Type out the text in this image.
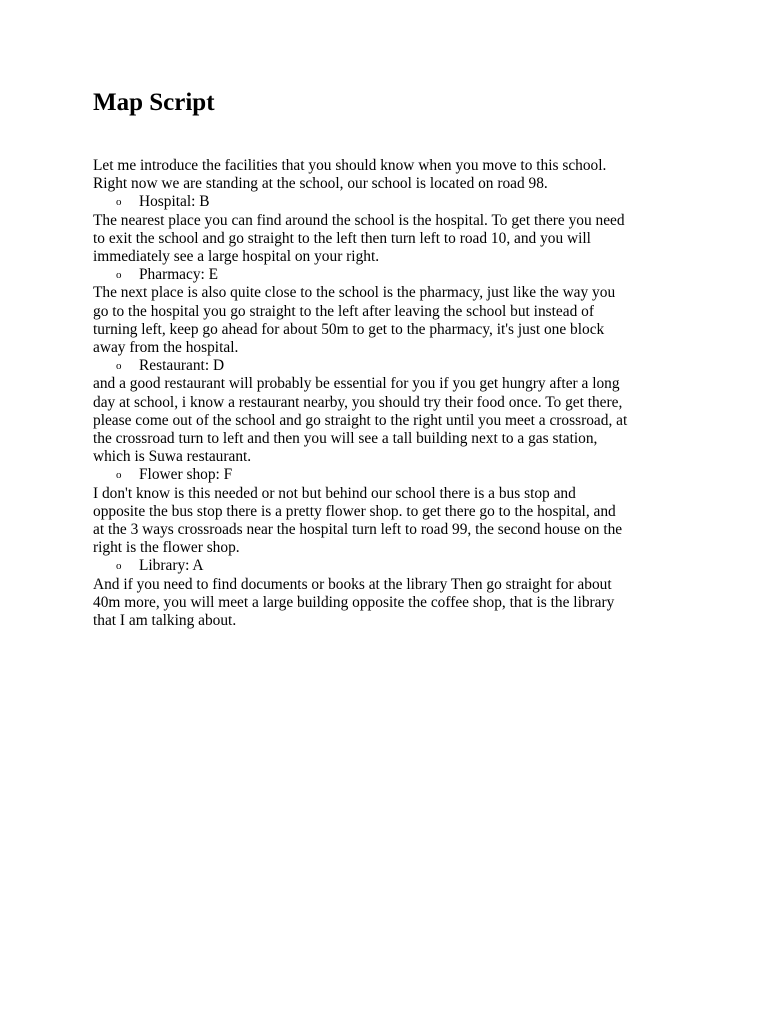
Map Script

Let me introduce the facilities that you should know when you move to this school.
Right now we are standing at the school, our school is located on road 98.

o Hospital: B

The nearest place you can find around the school is the hospital. To get there you need
to exit the school and go straight to the left then turn left to road 10, and you will
immediately see a large hospital on your right.

o Pharmacy: E

The next place is also quite close to the school is the pharmacy, just like the way you
go to the hospital you go straight to the left after leaving the school but instead of
turning left, keep go ahead for about 50m to get to the pharmacy, it's just one block
away from the hospital.

o Restaurant: D

and a good restaurant will probably be essential for you if you get hungry after a long
day at school, i know a restaurant nearby, you should try their food once. To get there,
please come out of the school and go straight to the right until you meet a crossroad, at
the crossroad turn to left and then you will see a tall building next to a gas station,
which is Suwa restaurant.

o Flower shop: F

I don't know is this needed or not but behind our school there is a bus stop and
opposite the bus stop there is a pretty flower shop. to get there go to the hospital, and
at the 3 ways crossroads near the hospital turn left to road 99, the second house on the
right is the flower shop.

o Library: A

And if you need to find documents or books at the library Then go straight for about
40m more, you will meet a large building opposite the coffee shop, that is the library
that I am talking about.
